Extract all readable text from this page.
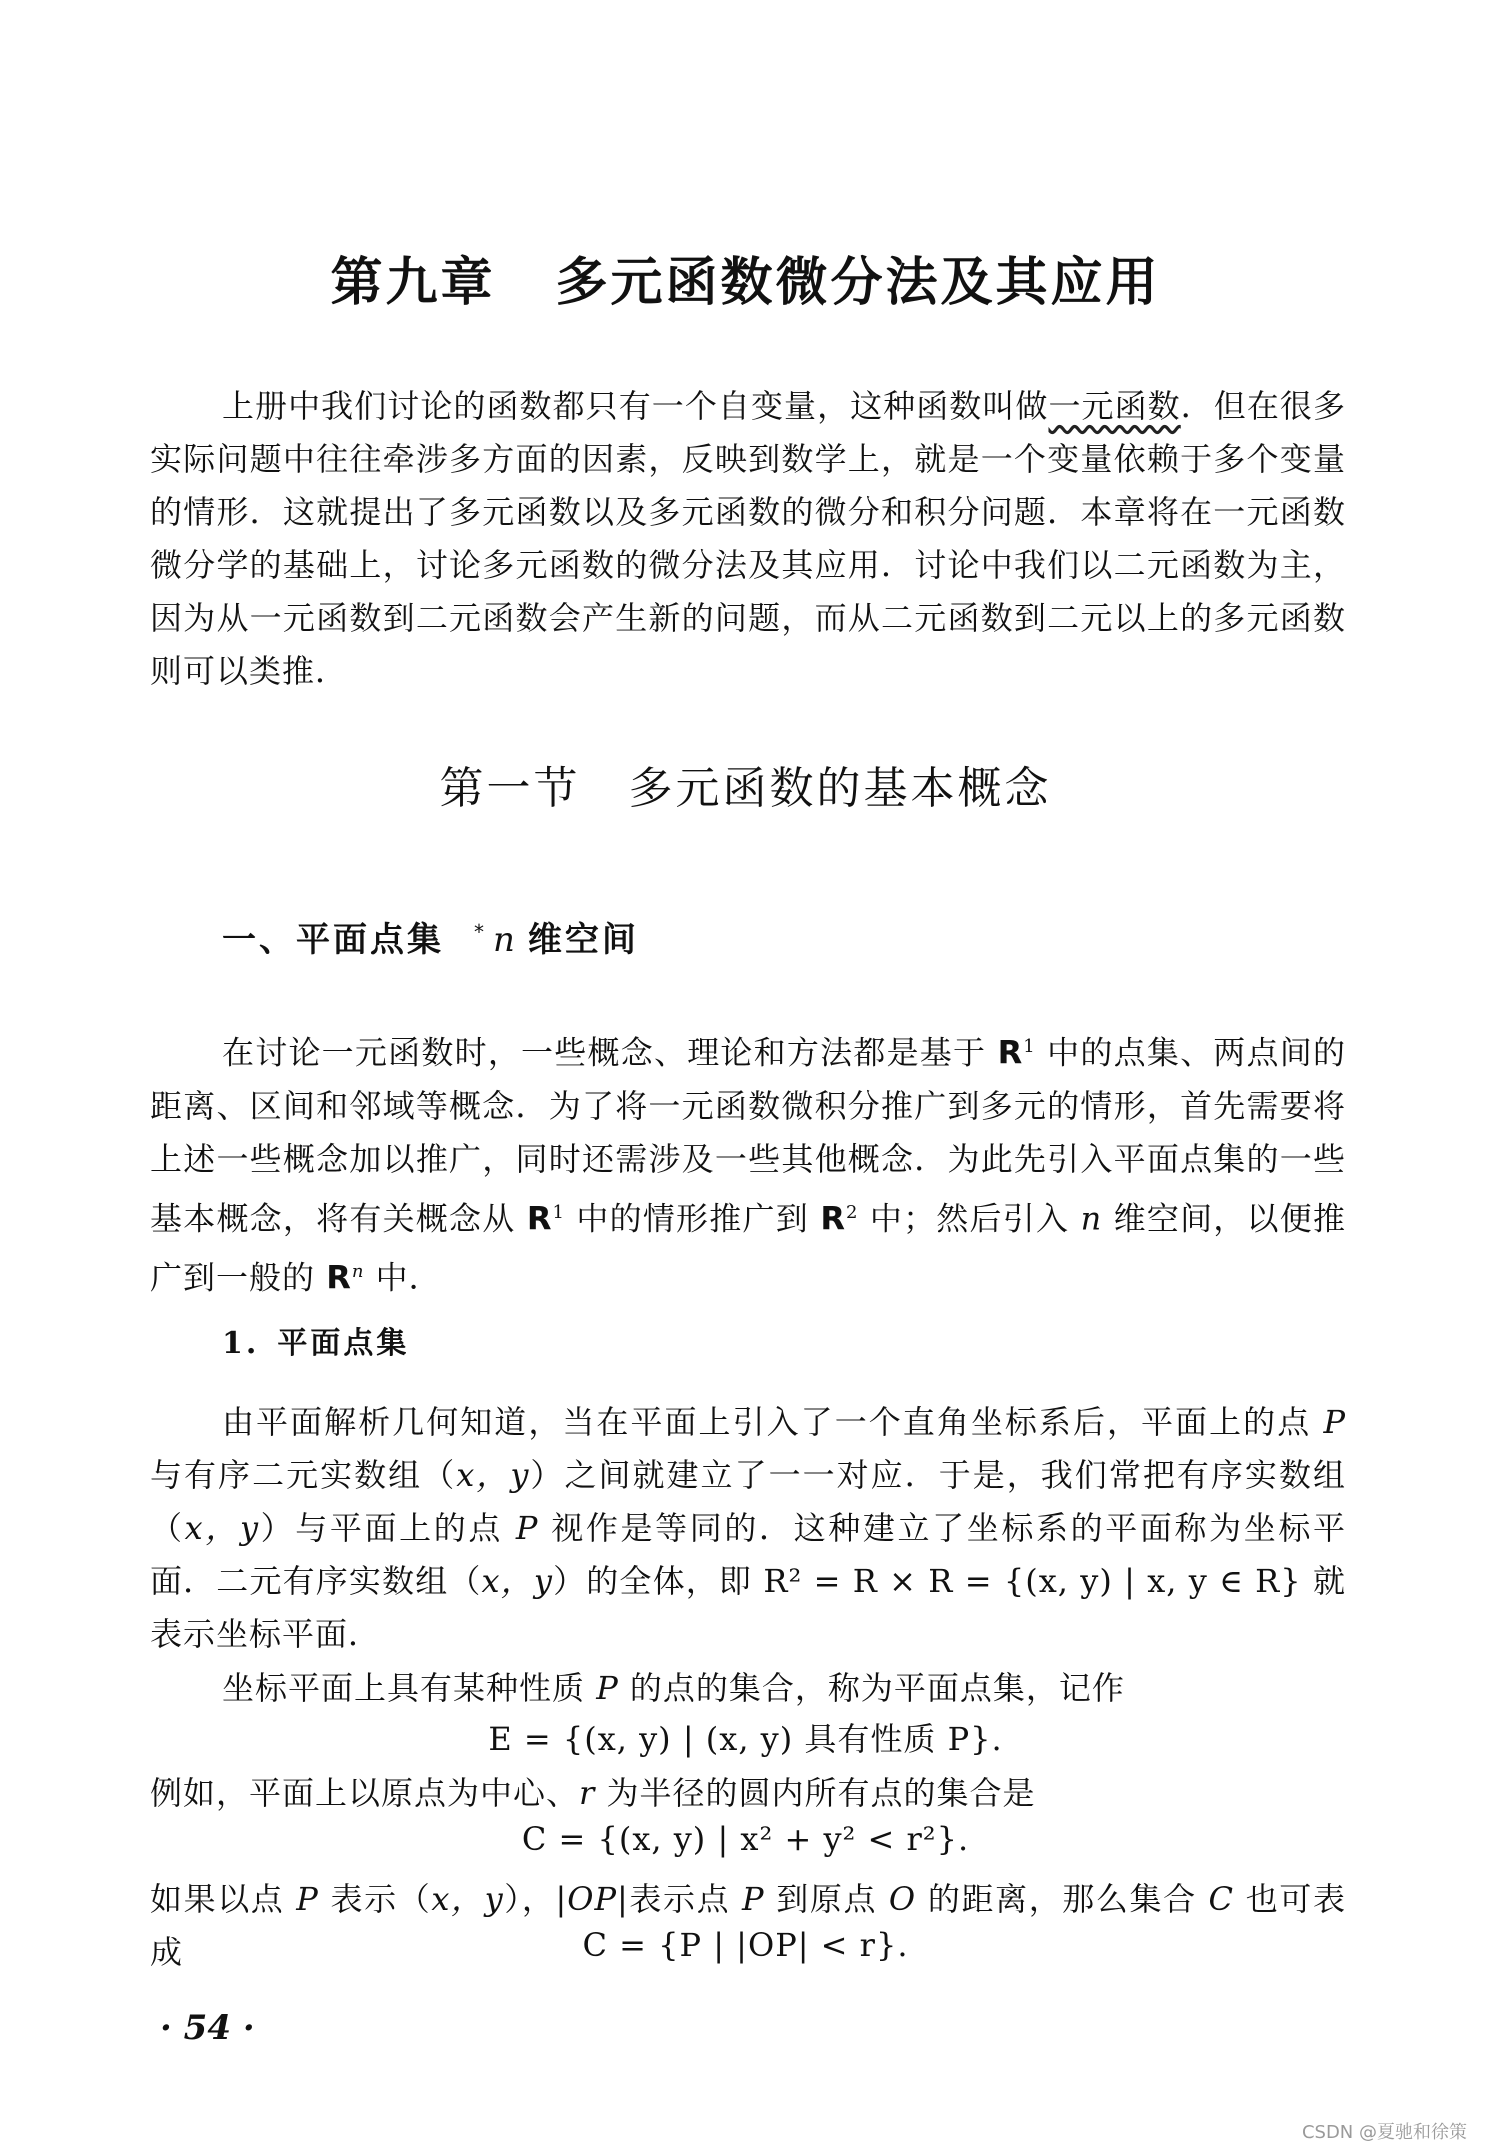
第九章 多元函数微分法及其应用
上册中我们讨论的函数都只有一个自变量，这种函数叫做一元函数．但在很多实际问题中往往牵涉多方面的因素，反映到数学上，就是一个变量依赖于多个变量的情形．这就提出了多元函数以及多元函数的微分和积分问题．本章将在一元函数微分学的基础上，讨论多元函数的微分法及其应用．讨论中我们以二元函数为主，因为从一元函数到二元函数会产生新的问题，而从二元函数到二元以上的多元函数则可以类推．
第一节 多元函数的基本概念
一、平面点集 * n 维空间
在讨论一元函数时，一些概念、理论和方法都是基于 $R^1$ 中的点集、两点间的距离、区间和邻域等概念．为了将一元函数微积分推广到多元的情形，首先需要将上述一些概念加以推广，同时还需涉及一些其他概念．为此先引入平面点集的一些基本概念，将有关概念从 $R^1$ 中的情形推广到 $R^2$ 中；然后引入 n 维空间，以便推广到一般的 $R^n$ 中．
1. 平面点集
由平面解析几何知道，当在平面上引入了一个直角坐标系后，平面上的点 P 与有序二元实数组（x，y）之间就建立了一一对应．于是，我们常把有序实数组（x，y）与平面上的点 P 视作是等同的．这种建立了坐标系的平面称为坐标平面．二元有序实数组（x，y）的全体，即 R² = R × R = {(x, y) | x, y ∈ R} 就表示坐标平面．
坐标平面上具有某种性质 P 的点的集合，称为平面点集，记作
E = {(x, y) | (x, y) 具有性质 P}.
例如，平面上以原点为中心、r 为半径的圆内所有点的集合是
C = {(x, y) | x² + y² < r²}.
如果以点 P 表示（x，y），|OP|表示点 P 到原点 O 的距离，那么集合 C 也可表成	C = {P | |OP| < r}.
· 54 ·
CSDN @夏驰和徐策
